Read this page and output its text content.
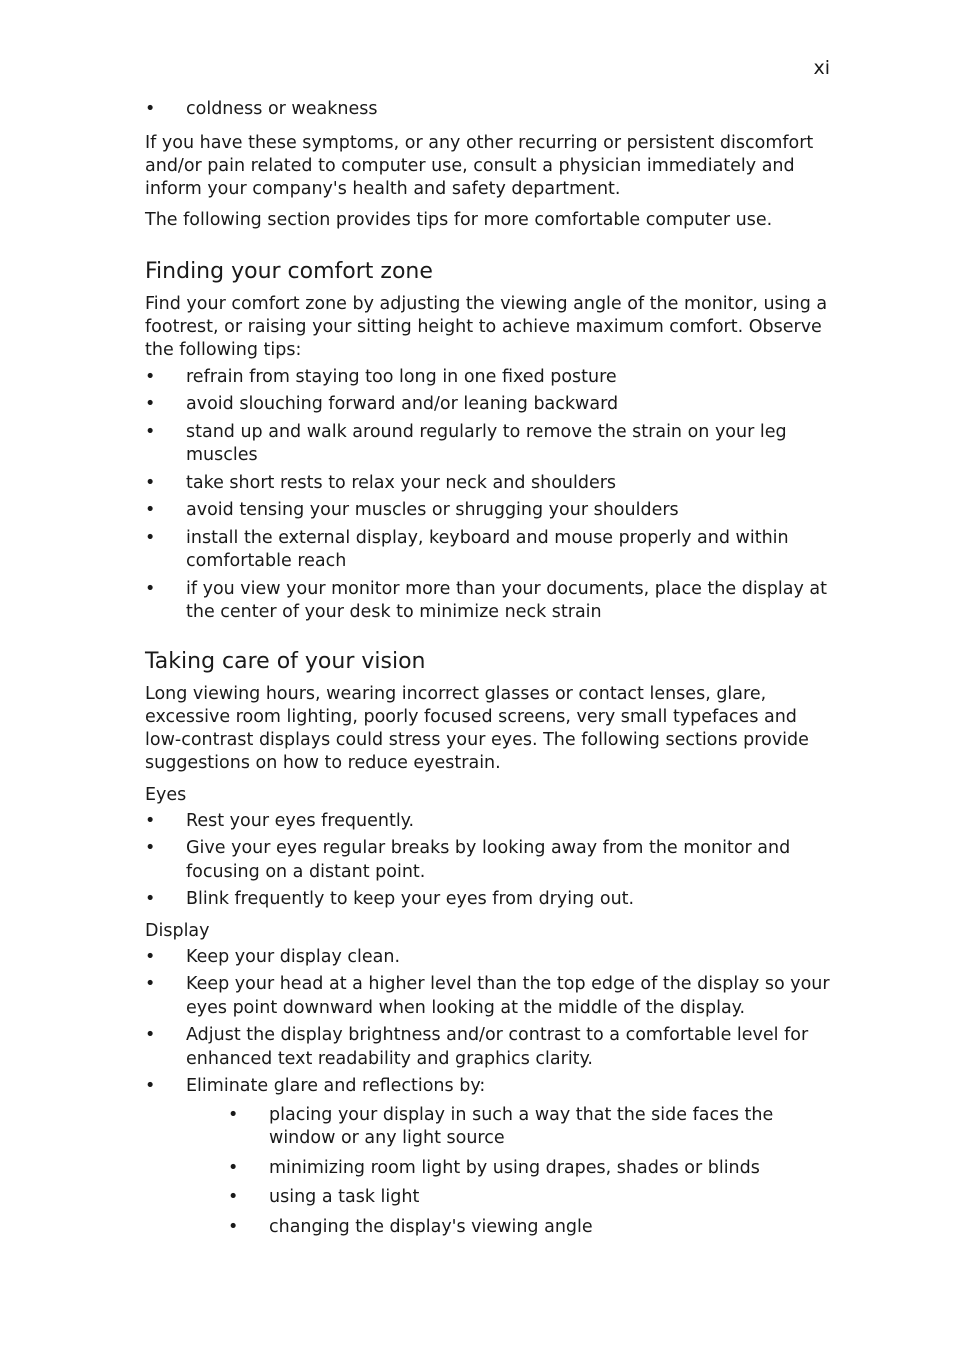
xi
• coldness or weakness

If you have these symptoms, or any other recurring or persistent discomfort and/or pain related to computer use, consult a physician immediately and inform your company's health and safety department.

The following section provides tips for more comfortable computer use.

Finding your comfort zone

Find your comfort zone by adjusting the viewing angle of the monitor, using a footrest, or raising your sitting height to achieve maximum comfort. Observe the following tips:

• refrain from staying too long in one fixed posture
• avoid slouching forward and/or leaning backward
• stand up and walk around regularly to remove the strain on your leg muscles
• take short rests to relax your neck and shoulders
• avoid tensing your muscles or shrugging your shoulders
• install the external display, keyboard and mouse properly and within comfortable reach
• if you view your monitor more than your documents, place the display at the center of your desk to minimize neck strain
Taking care of your vision

Long viewing hours, wearing incorrect glasses or contact lenses, glare, excessive room lighting, poorly focused screens, very small typefaces and low-contrast displays could stress your eyes. The following sections provide suggestions on how to reduce eyestrain.

Eyes
• Rest your eyes frequently.
• Give your eyes regular breaks by looking away from the monitor and focusing on a distant point.
• Blink frequently to keep your eyes from drying out.
Display
• Keep your display clean.
• Keep your head at a higher level than the top edge of the display so your eyes point downward when looking at the middle of the display.
• Adjust the display brightness and/or contrast to a comfortable level for enhanced text readability and graphics clarity.
• Eliminate glare and reflections by:
• placing your display in such a way that the side faces the window or any light source
• minimizing room light by using drapes, shades or blinds
• using a task light
• changing the display's viewing angle
